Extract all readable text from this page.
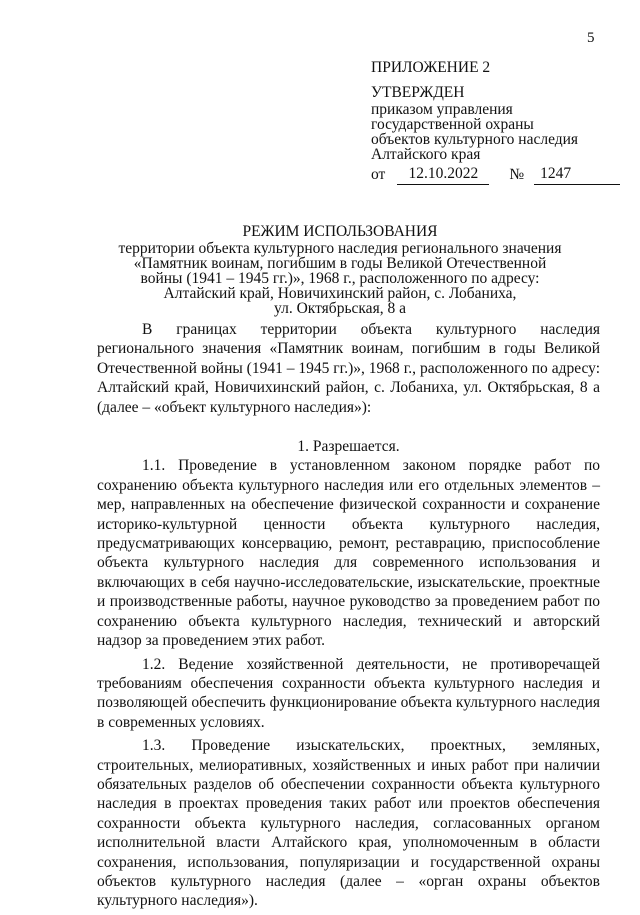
5
ПРИЛОЖЕНИЕ 2
УТВЕРЖДЕН
приказом управления
государственной охраны
объектов культурного наследия
Алтайского края
от	12.10.2022	№	1247
РЕЖИМ ИСПОЛЬЗОВАНИЯ
территории объекта культурного наследия регионального значения
«Памятник воинам, погибшим в годы Великой Отечественной
войны (1941 – 1945 гг.)», 1968 г., расположенного по адресу:
Алтайский край, Новичихинский район, с. Лобаниха,
ул. Октябрьская, 8 а

В границах территории объекта культурного наследия регионального значения «Памятник воинам, погибшим в годы Великой Отечественной войны (1941 – 1945 гг.)», 1968 г., расположенного по адресу: Алтайский край, Новичихинский район, с. Лобаниха, ул. Октябрьская, 8 а (далее – «объект культурного наследия»):

1. Разрешается.

1.1. Проведение в установленном законом порядке работ по сохранению объекта культурного наследия или его отдельных элементов – мер, направленных на обеспечение физической сохранности и сохранение историко-культурной ценности объекта культурного наследия, предусматривающих консервацию, ремонт, реставрацию, приспособление объекта культурного наследия для современного использования и включающих в себя научно-исследовательские, изыскательские, проектные и производственные работы, научное руководство за проведением работ по сохранению объекта культурного наследия, технический и авторский надзор за проведением этих работ.

1.2. Ведение хозяйственной деятельности, не противоречащей требованиям обеспечения сохранности объекта культурного наследия и позволяющей обеспечить функционирование объекта культурного наследия в современных условиях.

1.3. Проведение изыскательских, проектных, земляных, строительных, мелиоративных, хозяйственных и иных работ при наличии обязательных разделов об обеспечении сохранности объекта культурного наследия в проектах проведения таких работ или проектов обеспечения сохранности объекта культурного наследия, согласованных органом исполнительной власти Алтайского края, уполномоченным в области сохранения, использования, популяризации и государственной охраны объектов культурного наследия (далее – «орган охраны объектов культурного наследия»).
